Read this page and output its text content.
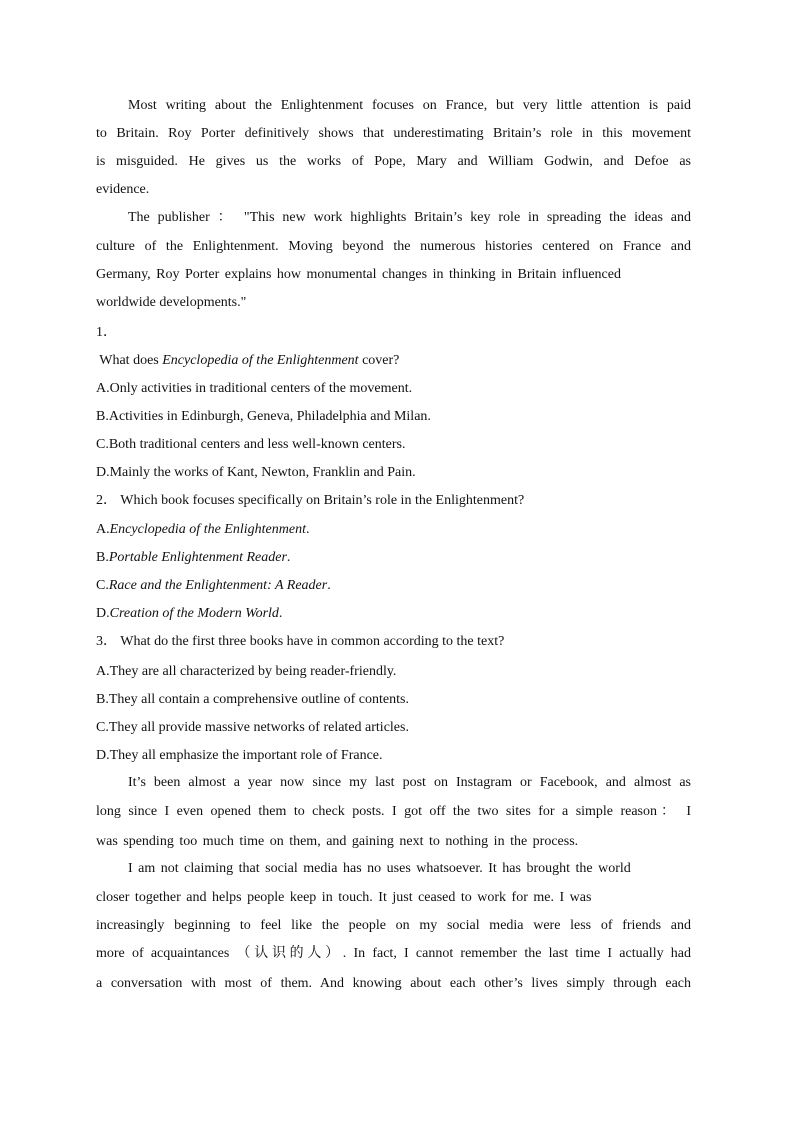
Most writing about the Enlightenment focuses on France, but very little attention is paid
to Britain. Roy Porter definitively shows that underestimating Britain’s role in this movement
is misguided. He gives us the works of Pope, Mary and William Godwin, and Defoe as
evidence.
The publisher ： "This new work highlights Britain’s key role in spreading the ideas and
culture of the Enlightenment. Moving beyond the numerous histories centered on France and
Germany, Roy Porter explains how monumental changes in thinking in Britain influenced
worldwide developments."
1．
What does Encyclopedia of the Enlightenment cover?
A.Only activities in traditional centers of the movement.
B.Activities in Edinburgh, Geneva, Philadelphia and Milan.
C.Both traditional centers and less well-known centers.
D.Mainly the works of Kant, Newton, Franklin and Pain.
2． Which book focuses specifically on Britain’s role in the Enlightenment?
A.Encyclopedia of the Enlightenment.
B.Portable Enlightenment Reader.
C.Race and the Enlightenment: A Reader.
D.Creation of the Modern World.
3． What do the first three books have in common according to the text?
A.They are all characterized by being reader-friendly.
B.They all contain a comprehensive outline of contents.
C.They all provide massive networks of related articles.
D.They all emphasize the important role of France.
It’s been almost a year now since my last post on Instagram or Facebook, and almost as
long since I even opened them to check posts. I got off the two sites for a simple reason： I
was spending too much time on them, and gaining next to nothing in the process.
I am not claiming that social media has no uses whatsoever. It has brought the world
closer together and helps people keep in touch. It just ceased to work for me. I was
increasingly beginning to feel like the people on my social media were less of friends and
more of acquaintances （认识的人）. In fact, I cannot remember the last time I actually had
a conversation with most of them. And knowing about each other’s lives simply through each
